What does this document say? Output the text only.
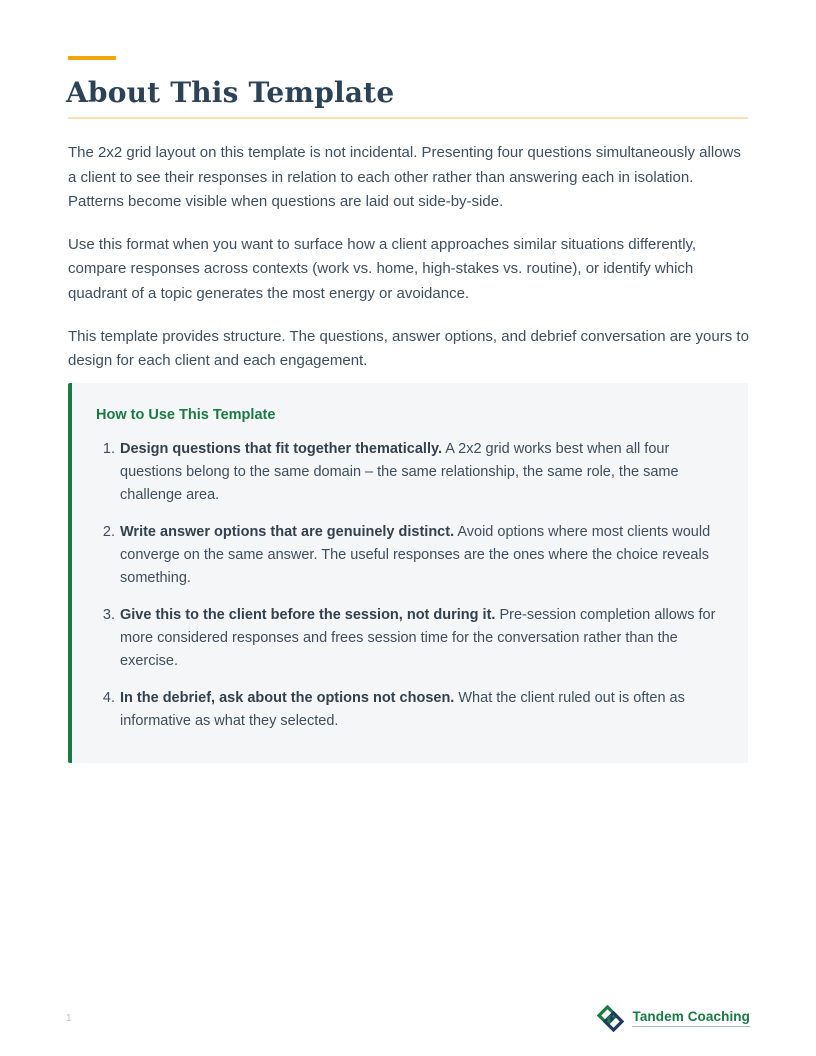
About This Template

The 2x2 grid layout on this template is not incidental. Presenting four questions simultaneously allows a client to see their responses in relation to each other rather than answering each in isolation. Patterns become visible when questions are laid out side-by-side.

Use this format when you want to surface how a client approaches similar situations differently, compare responses across contexts (work vs. home, high-stakes vs. routine), or identify which quadrant of a topic generates the most energy or avoidance.

This template provides structure. The questions, answer options, and debrief conversation are yours to design for each client and each engagement.

How to Use This Template
1. Design questions that fit together thematically. A 2x2 grid works best when all four questions belong to the same domain – the same relationship, the same role, the same challenge area.
2. Write answer options that are genuinely distinct. Avoid options where most clients would converge on the same answer. The useful responses are the ones where the choice reveals something.
3. Give this to the client before the session, not during it. Pre-session completion allows for more considered responses and frees session time for the conversation rather than the exercise.
4. In the debrief, ask about the options not chosen. What the client ruled out is often as informative as what they selected.
1	Tandem Coaching
